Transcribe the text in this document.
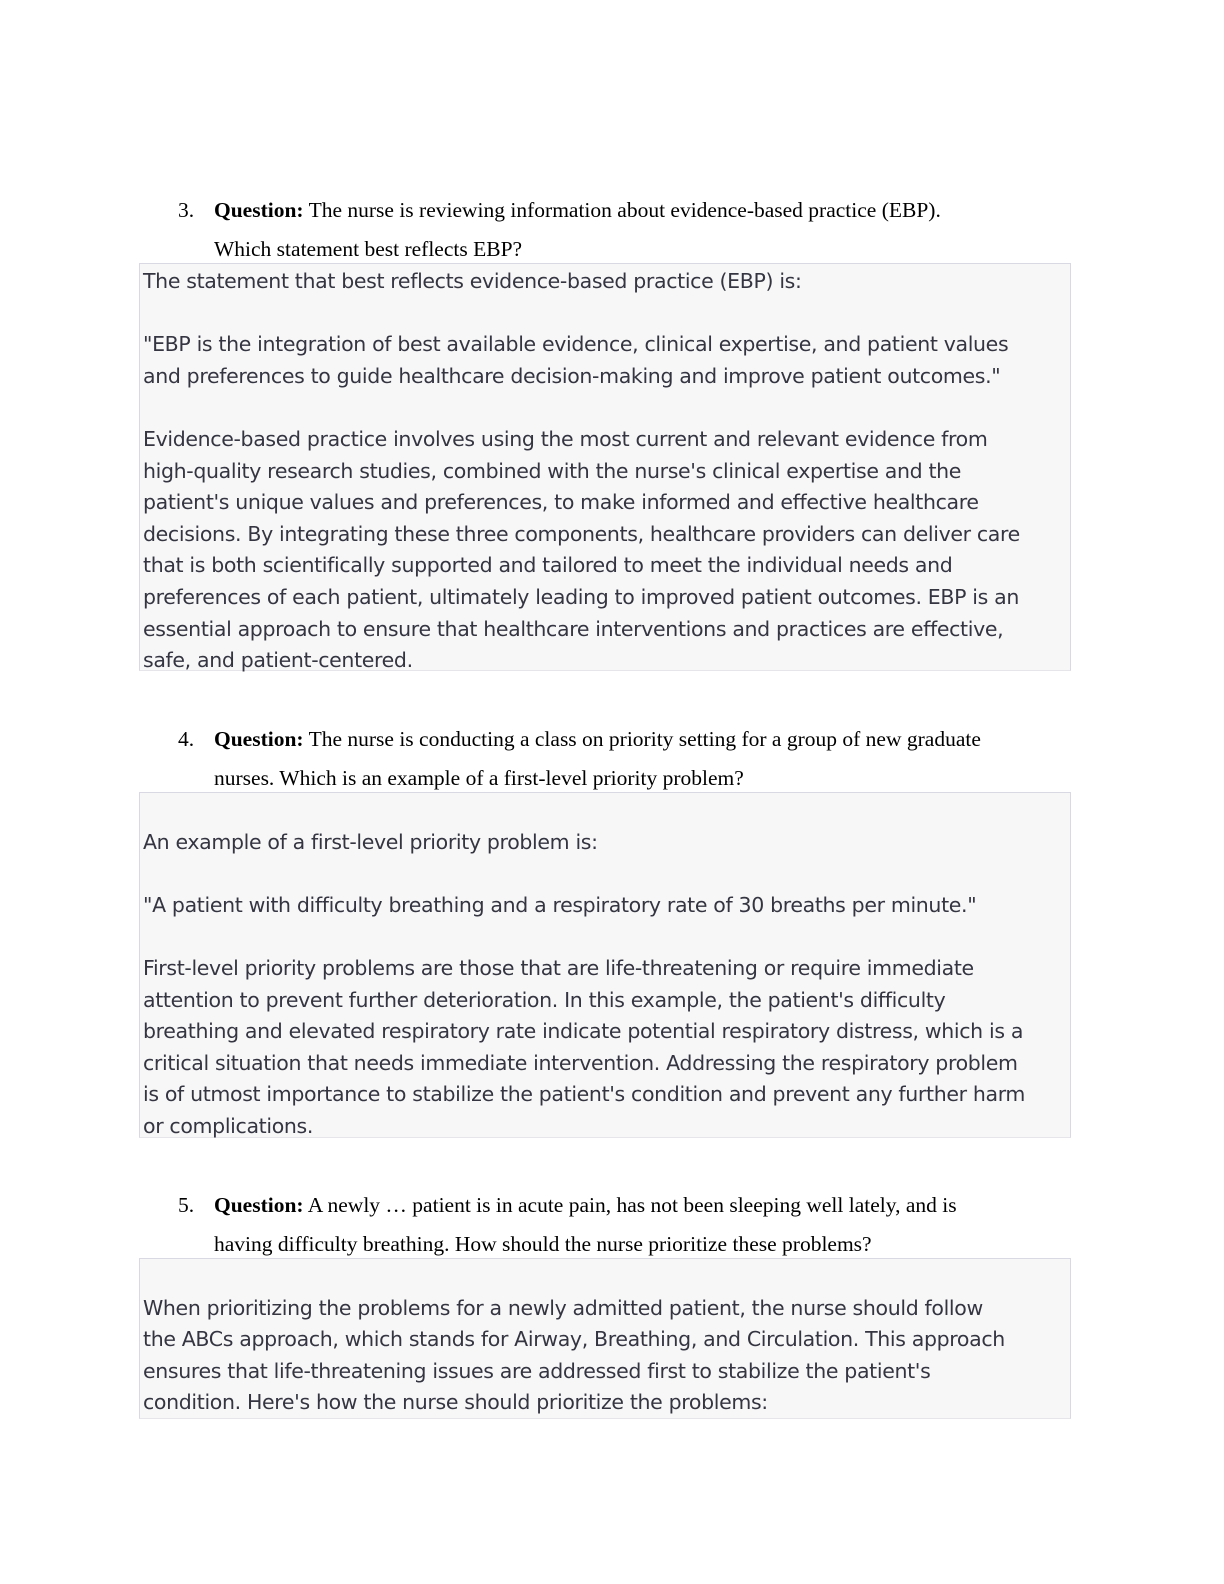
3. Question: The nurse is reviewing information about evidence-based practice (EBP).
Which statement best reflects EBP?
The statement that best reflects evidence-based practice (EBP) is:
"EBP is the integration of best available evidence, clinical expertise, and patient values
and preferences to guide healthcare decision-making and improve patient outcomes."
Evidence-based practice involves using the most current and relevant evidence from
high-quality research studies, combined with the nurse's clinical expertise and the
patient's unique values and preferences, to make informed and effective healthcare
decisions. By integrating these three components, healthcare providers can deliver care
that is both scientifically supported and tailored to meet the individual needs and
preferences of each patient, ultimately leading to improved patient outcomes. EBP is an
essential approach to ensure that healthcare interventions and practices are effective,
safe, and patient-centered.
4. Question: The nurse is conducting a class on priority setting for a group of new graduate
nurses. Which is an example of a first-level priority problem?
An example of a first-level priority problem is:
"A patient with difficulty breathing and a respiratory rate of 30 breaths per minute."
First-level priority problems are those that are life-threatening or require immediate
attention to prevent further deterioration. In this example, the patient's difficulty
breathing and elevated respiratory rate indicate potential respiratory distress, which is a
critical situation that needs immediate intervention. Addressing the respiratory problem
is of utmost importance to stabilize the patient's condition and prevent any further harm
or complications.
5. Question: A newly … patient is in acute pain, has not been sleeping well lately, and is
having difficulty breathing. How should the nurse prioritize these problems?
When prioritizing the problems for a newly admitted patient, the nurse should follow
the ABCs approach, which stands for Airway, Breathing, and Circulation. This approach
ensures that life-threatening issues are addressed first to stabilize the patient's
condition. Here's how the nurse should prioritize the problems:
